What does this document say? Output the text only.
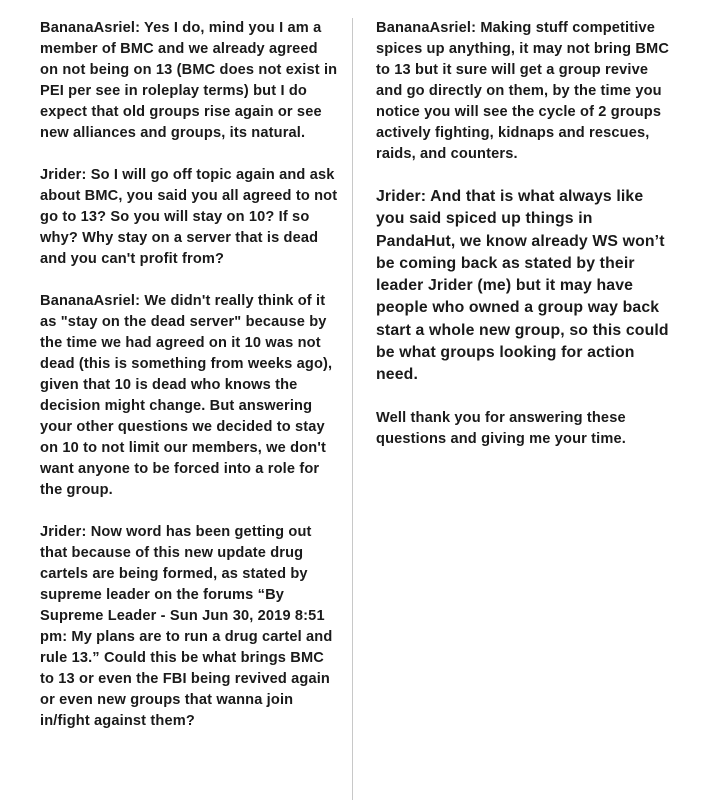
BananaAsriel: Yes I do, mind you I am a member of BMC and we already agreed on not being on 13 (BMC does not exist in PEI per see in roleplay terms) but I do expect that old groups rise again or see new alliances and groups, its natural.

Jrider: So I will go off topic again and ask about BMC, you said you all agreed to not go to 13? So you will stay on 10? If so why? Why stay on a server that is dead and you can't profit from?

BananaAsriel: We didn't really think of it as "stay on the dead server" because by the time we had agreed on it 10 was not dead (this is something from weeks ago), given that 10 is dead who knows the decision might change. But answering your other questions we decided to stay on 10 to not limit our members, we don't want anyone to be forced into a role for the group.

Jrider: Now word has been getting out that because of this new update drug cartels are being formed, as stated by supreme leader on the forums “By Supreme Leader - Sun Jun 30, 2019 8:51 pm: My plans are to run a drug cartel and rule 13.” Could this be what brings BMC to 13 or even the FBI being revived again or even new groups that wanna join in/fight against them?

BananaAsriel: Making stuff competitive spices up anything, it may not bring BMC to 13 but it sure will get a group revive and go directly on them, by the time you notice you will see the cycle of 2 groups actively fighting, kidnaps and rescues, raids, and counters.

Jrider: And that is what always like you said spiced up things in PandaHut, we know already WS won’t be coming back as stated by their leader Jrider (me) but it may have people who owned a group way back start a whole new group, so this could be what groups looking for action need.

Well thank you for answering these questions and giving me your time.
